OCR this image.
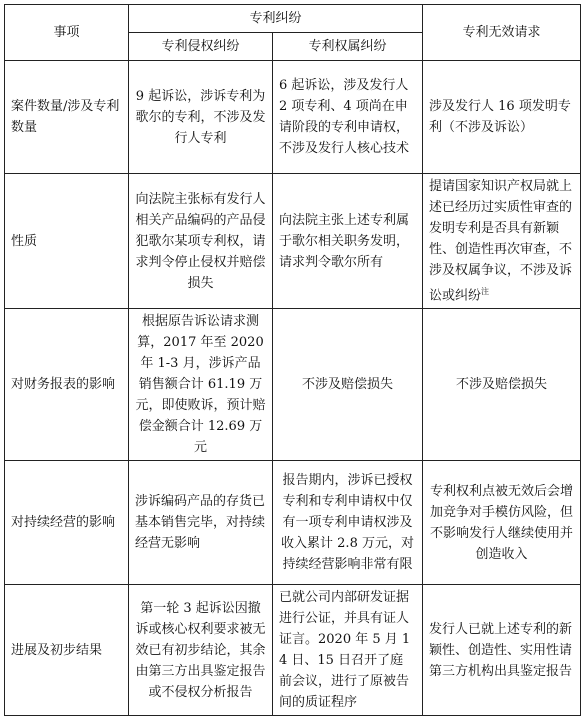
事项	专利纠纷		专利无效请求
	专利侵权纠纷	专利权属纠纷	
案件数量/涉及专利数量	9 起诉讼，涉诉专利为歌尔的专利，不涉及发行人专利	6 起诉讼，涉及发行人 2 项专利、4 项尚在申请阶段的专利申请权，不涉及发行人核心技术	涉及发行人 16 项发明专利（不涉及诉讼）
性质	向法院主张标有发行人相关产品编码的产品侵犯歌尔某项专利权，请求判令停止侵权并赔偿损失	向法院主张上述专利属于歌尔相关职务发明，请求判令歌尔所有	提请国家知识产权局就上述已经历过实质性审查的发明专利是否具有新颖性、创造性再次审查，不涉及权属争议，不涉及诉讼或纠纷$^注$
对财务报表的影响	根据原告诉讼请求测算，2017 年至 2020 年 1-3 月，涉诉产品销售额合计 61.19 万元，即使败诉，预计赔偿金额合计 12.69 万元	不涉及赔偿损失	不涉及赔偿损失
对持续经营的影响	涉诉编码产品的存货已基本销售完毕，对持续经营无影响	报告期内，涉诉已授权专利和专利申请权中仅有一项专利申请权涉及收入累计 2.8 万元，对持续经营影响非常有限	专利权利点被无效后会增加竞争对手模仿风险，但不影响发行人继续使用并创造收入
进展及初步结果	第一轮 3 起诉讼因撤诉或核心权利要求被无效已有初步结论，其余由第三方出具鉴定报告或不侵权分析报告	已就公司内部研发证据进行公证，并具有证人证言。2020 年 5 月 14 日、15 日召开了庭前会议，进行了原被告间的质证程序	发行人已就上述专利的新颖性、创造性、实用性请第三方机构出具鉴定报告
